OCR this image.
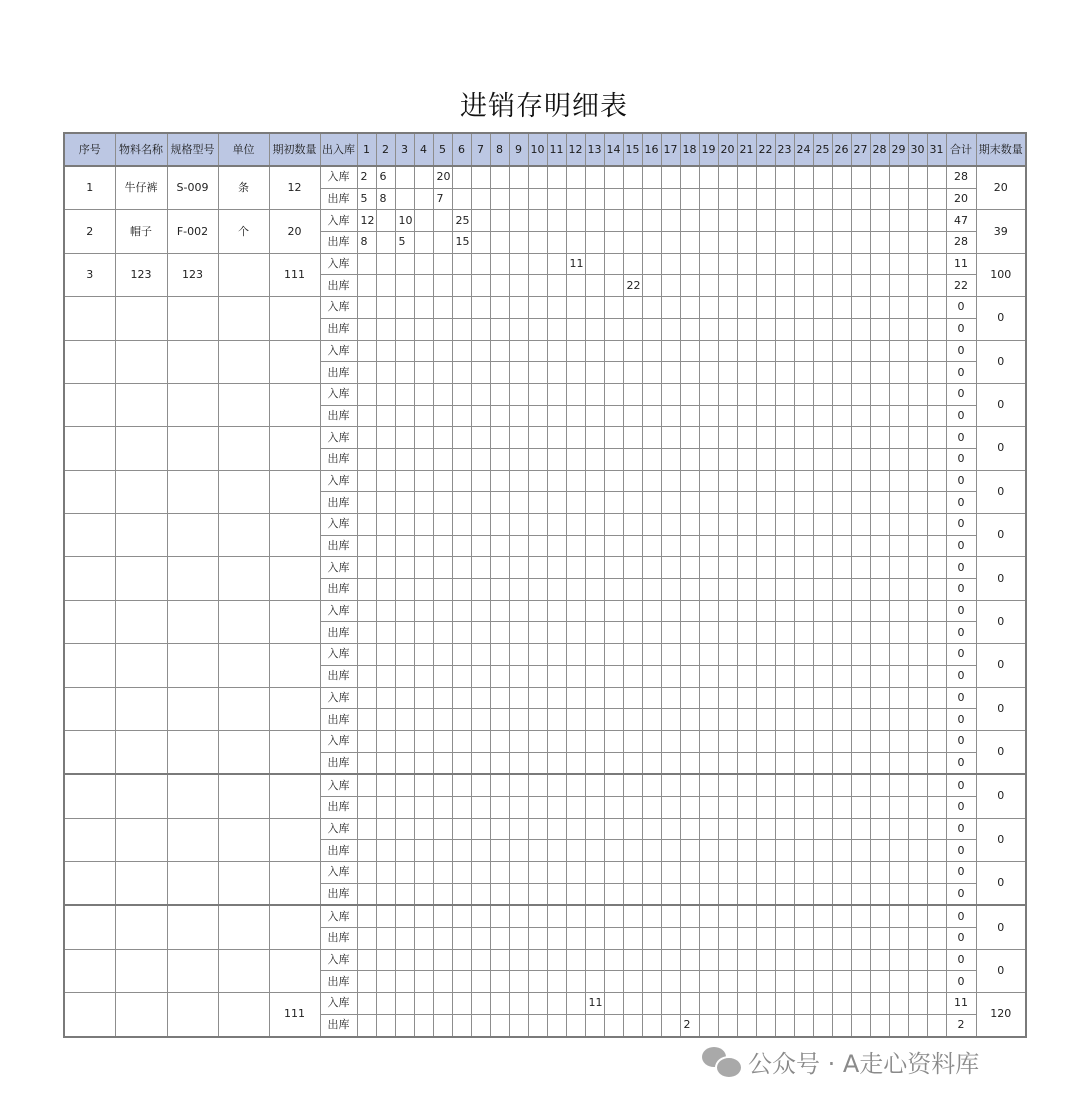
进销存明细表
序号	物料名称	规格型号	单位	期初数量	出入库	1	2	3	4	5	6	7	8	9	10	11	12	13	14	15	16	17	18	19	20	21	22	23	24	25	26	27	28	29	30	31	合计	期末数量
1	牛仔裤	S-009	条	12	入库	2	6			20																											28	20
					出库	5	8			7																											20	
2	帽子	F-002	个	20	入库	12		10			25																										47	39
					出库	8		5			15																										28	
3	123	123		111	入库												11																				11	100
					出库															22																	22	
					入库																																0	0
					出库																																0	
					入库																																0	0
					出库																																0	
					入库																																0	0
					出库																																0	
					入库																																0	0
					出库																																0	
					入库																																0	0
					出库																																0	
					入库																																0	0
					出库																																0	
					入库																																0	0
					出库																																0	
					入库																																0	0
					出库																																0	
					入库																																0	0
					出库																																0	
					入库																																0	0
					出库																																0	
					入库																																0	0
					出库																																0	
					入库																																0	0
					出库																																0	
					入库																																0	0
					出库																																0	
					入库																																0	0
					出库																																0	
					入库																																0	0
					出库																																0	
					入库																																0	0
					出库																																0	
				111	入库													11																			11	120
					出库																		2														2	
公众号 · A走心资料库
